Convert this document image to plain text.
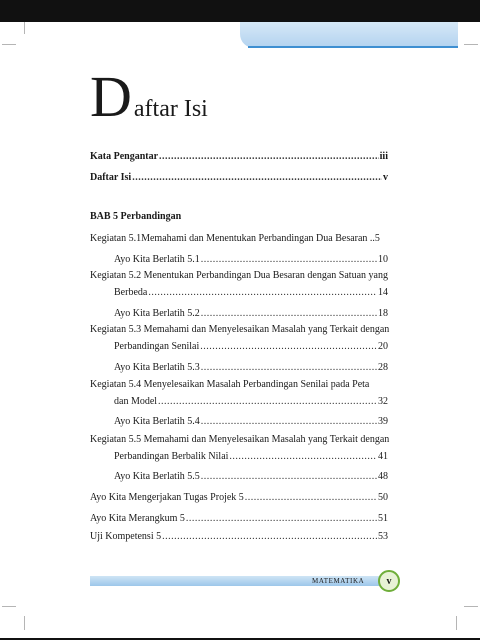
Daftar Isi
Kata Pengantar .....	iii
Daftar Isi .....	v
BAB 5 Perbandingan
Kegiatan 5.1Memahami dan Menentukan Perbandingan Dua Besaran .. 5
Ayo Kita Berlatih 5.1 .....	10
Kegiatan 5.2 Menentukan Perbandingan Dua Besaran dengan Satuan yang
Berbeda .....	14
Ayo Kita Berlatih 5.2 .....	18
Kegiatan 5.3 Memahami dan Menyelesaikan Masalah yang Terkait dengan
Perbandingan Senilai .....	20
Ayo Kita Berlatih 5.3 .....	28
Kegiatan 5.4 Menyelesaikan Masalah Perbandingan Senilai pada Peta
dan Model .....	32
Ayo Kita Berlatih 5.4 .....	39
Kegiatan 5.5 Memahami dan Menyelesaikan Masalah yang Terkait dengan
Perbandingan Berbalik Nilai .....	41
Ayo Kita Berlatih 5.5 .....	48
Ayo Kita Mengerjakan Tugas Projek 5 .....	50
Ayo Kita Merangkum 5 .....	51
Uji Kompetensi 5 .....	53
MATEMATIKA	v
